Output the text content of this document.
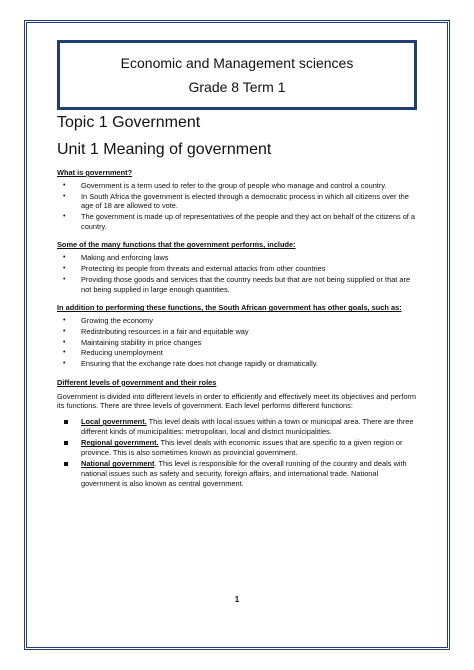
Economic and Management sciences
Grade 8 Term 1
Topic 1 Government
Unit 1 Meaning of government
What is government?
• Government is a term used to refer to the group of people who manage and control a country.
• In South Africa the government is elected through a democratic process in which all citizens over the age of 18 are allowed to vote.
• The government is made up of representatives of the people and they act on behalf of the citizens of a country.
Some of the many functions that the government performs, include:
• Making and enforcing laws
• Protecting its people from threats and external attacks from other countries
• Providing those goods and services that the country needs but that are not being supplied or that are not being supplied in large enough quantities.
In addition to performing these functions, the South African government has other goals, such as:
• Growing the economy
• Redistributing resources in a fair and equitable way
• Maintaining stability in price changes
• Reducing unemployment
• Ensuring that the exchange rate does not change rapidly or dramatically.
Different levels of government and their roles

Government is divided into different levels in order to efficiently and effectively meet its objectives and perform its functions. There are three levels of government. Each level performs different functions:

Local government. This level deals with local issues within a town or municipal area. There are three different kinds of municipalities: metropolitan, local and district municipalities.
Regional government. This level deals with economic issues that are specific to a given region or province. This is also sometimes known as provincial government.
National government. This level is responsible for the overall running of the country and deals with national issues such as safety and security, foreign affairs, and international trade. National government is also known as central government.
1
